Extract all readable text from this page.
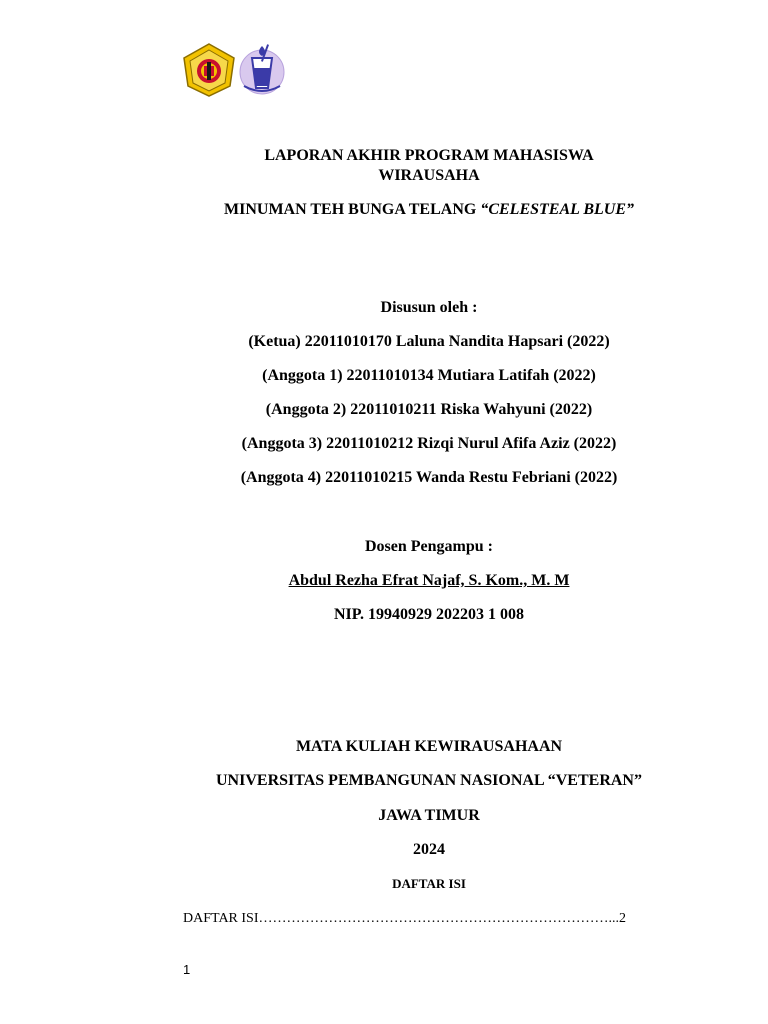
LAPORAN AKHIR PROGRAM MAHASISWA
WIRAUSAHA
MINUMAN TEH BUNGA TELANG “CELESTEAL BLUE”
Disusun oleh :
(Ketua) 22011010170 Laluna Nandita Hapsari (2022)
(Anggota 1) 22011010134 Mutiara Latifah (2022)
(Anggota 2) 22011010211 Riska Wahyuni (2022)
(Anggota 3) 22011010212 Rizqi Nurul Afifa Aziz (2022)
(Anggota 4) 22011010215 Wanda Restu Febriani (2022)
Dosen Pengampu :
Abdul Rezha Efrat Najaf, S. Kom., M. M
NIP. 19940929 202203 1 008
MATA KULIAH KEWIRAUSAHAAN
UNIVERSITAS PEMBANGUNAN NASIONAL “VETERAN”
JAWA TIMUR
2024
DAFTAR ISI
DAFTAR ISI…………………………………………………………………...2
1
